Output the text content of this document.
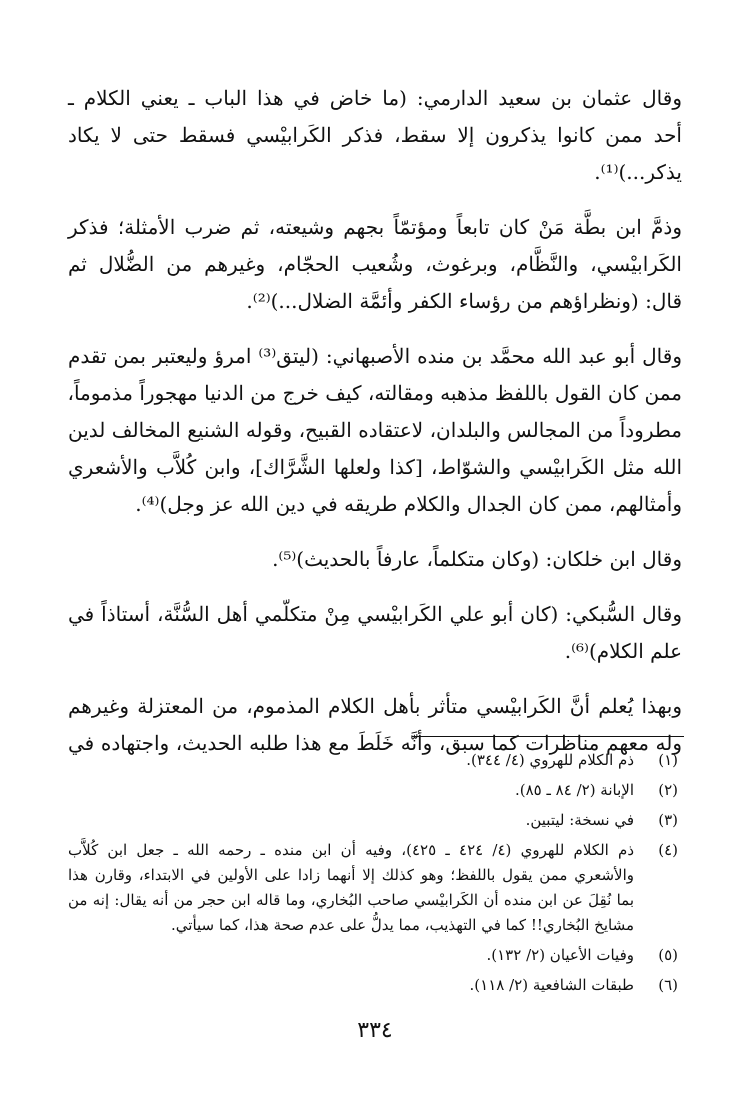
وقال عثمان بن سعيد الدارمي: (ما خاض في هذا الباب ـ يعني الكلام ـ
أحد ممن كانوا يذكرون إلا سقط، فذكر الكَرابيْسي فسقط حتى لا يكاد
يذكر...)⁽¹⁾.
وذمَّ ابن بطَّة مَنْ كان تابعاً ومؤتمّاً بجهم وشيعته، ثم ضرب الأمثلة؛ فذكر
الكَرابيْسي، والنَّظَّام، وبرغوث، وشُعيب الحجّام، وغيرهم من الضُّلال ثم
قال: (ونظراؤهم من رؤساء الكفر وأئمَّة الضلال...)⁽²⁾.
وقال أبو عبد الله محمَّد بن منده الأصبهاني: (ليتق⁽³⁾ امرؤ وليعتبر بمن تقدم
ممن كان القول باللفظ مذهبه ومقالته، كيف خرج من الدنيا مهجوراً مذموماً،
مطروداً من المجالس والبلدان، لاعتقاده القبيح، وقوله الشنيع المخالف لدين
الله مثل الكَرابيْسي والشوّاط، [كذا ولعلها الشَّرَّاك]، وابن كُلاَّب والأشعري
وأمثالهم، ممن كان الجدال والكلام طريقه في دين الله عز وجل)⁽⁴⁾.
وقال ابن خلكان: (وكان متكلماً، عارفاً بالحديث)⁽⁵⁾.
وقال السُّبكي: (كان أبو علي الكَرابيْسي مِنْ متكلّمي أهل السُّنَّة، أستاذاً في
علم الكلام)⁽⁶⁾.
وبهذا يُعلم أنَّ الكَرابيْسي متأثر بأهل الكلام المذموم، من المعتزلة وغيرهم
وله معهم مناظرات كما سبق، وأنَّه خَلَطَ مع هذا طلبه الحديث، واجتهاده في
(١)
ذم الكلام للهروي (٤/ ٣٤٤).
(٢)
الإبانة (٢/ ٨٤ ـ ٨٥).
(٣)
في نسخة: ليتبين.
(٤)
ذم الكلام للهروي (٤/ ٤٢٤ ـ ٤٢٥)، وفيه أن ابن منده ـ رحمه الله ـ جعل ابن كُلاَّب
والأشعري ممن يقول باللفظ؛ وهو كذلك إلا أنهما زادا على الأولين في الابتداء، وقارن هذا
بما نُقِلَ عن ابن منده أن الكَرابيْسي صاحب البُخاري، وما قاله ابن حجر من أنه يقال: إنه من
مشايخ البُخاري!! كما في التهذيب، مما يدلُّ على عدم صحة هذا، كما سيأتي.
(٥)
وفيات الأعيان (٢/ ١٣٢).
(٦)
طبقات الشافعية (٢/ ١١٨).
٣٣٤
